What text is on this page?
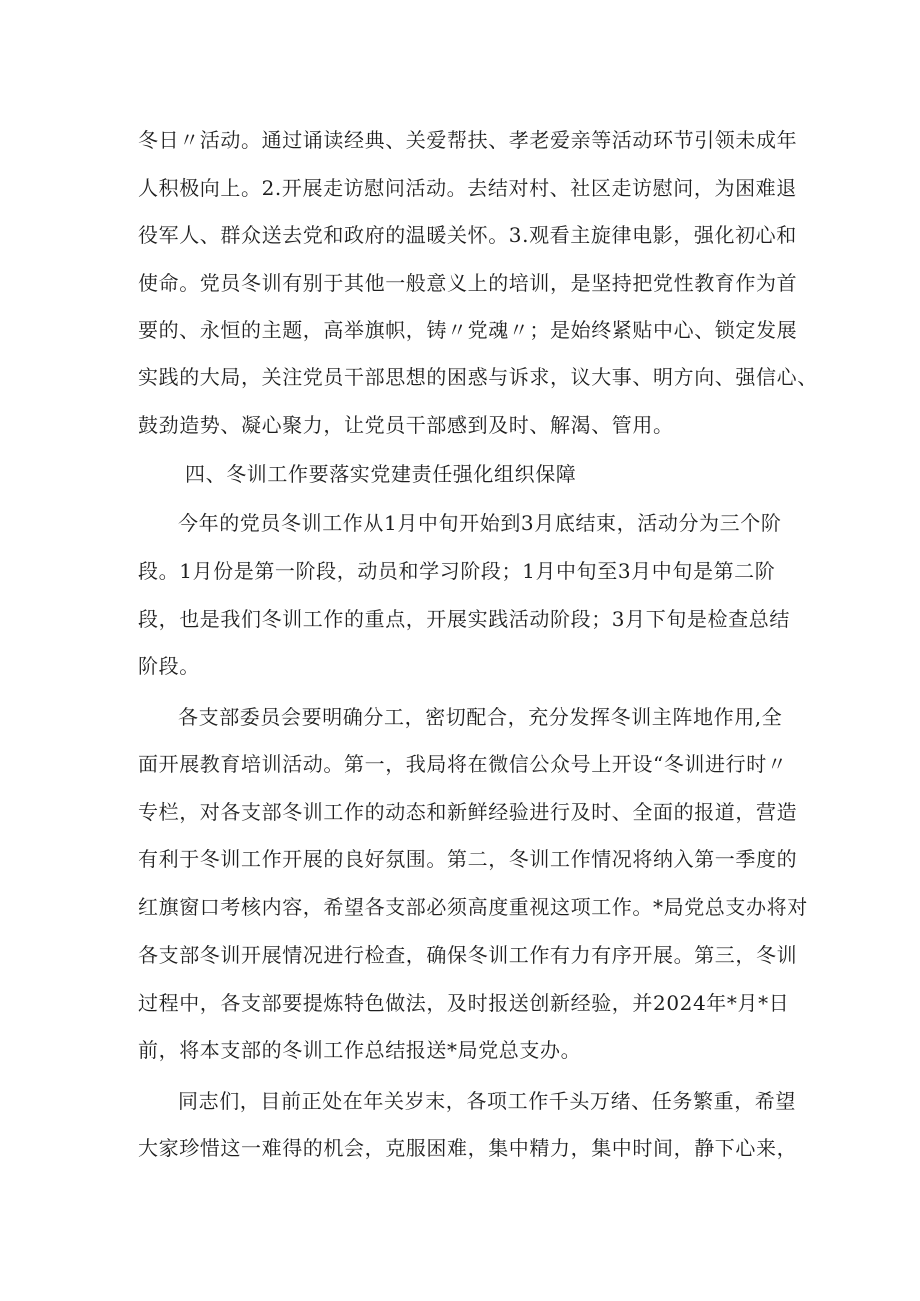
冬日〃活动。通过诵读经典、关爱帮扶、孝老爱亲等活动环节引领未成年
人积极向上。2.开展走访慰问活动。去结对村、社区走访慰问，为困难退
役军人、群众送去党和政府的温暖关怀。3.观看主旋律电影，强化初心和
使命。党员冬训有别于其他一般意义上的培训，是坚持把党性教育作为首
要的、永恒的主题，高举旗帜，铸〃党魂〃；是始终紧贴中心、锁定发展
实践的大局，关注党员干部思想的困惑与诉求，议大事、明方向、强信心、
鼓劲造势、凝心聚力，让党员干部感到及时、解渴、管用。
四、冬训工作要落实党建责任强化组织保障
今年的党员冬训工作从1月中旬开始到3月底结束，活动分为三个阶
段。1月份是第一阶段，动员和学习阶段；1月中旬至3月中旬是第二阶
段，也是我们冬训工作的重点，开展实践活动阶段；3月下旬是检查总结
阶段。
各支部委员会要明确分工，密切配合，充分发挥冬训主阵地作用,全
面开展教育培训活动。第一，我局将在微信公众号上开设“冬训进行时〃
专栏，对各支部冬训工作的动态和新鲜经验进行及时、全面的报道，营造
有利于冬训工作开展的良好氛围。第二，冬训工作情况将纳入第一季度的
红旗窗口考核内容，希望各支部必须高度重视这项工作。*局党总支办将对
各支部冬训开展情况进行检查，确保冬训工作有力有序开展。第三，冬训
过程中，各支部要提炼特色做法，及时报送创新经验，并2024年*月*日
前，将本支部的冬训工作总结报送*局党总支办。
同志们，目前正处在年关岁末，各项工作千头万绪、任务繁重，希望
大家珍惜这一难得的机会，克服困难，集中精力，集中时间，静下心来，
